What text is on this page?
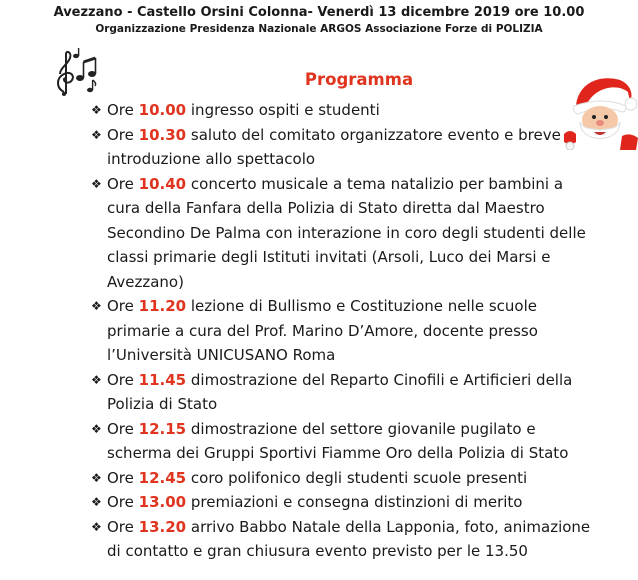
Avezzano - Castello Orsini Colonna- Venerdì 13 dicembre 2019 ore 10.00
Organizzazione Presidenza Nazionale ARGOS Associazione Forze di POLIZIA
Programma
❖ Ore 10.00 ingresso ospiti e studenti
❖ Ore 10.30 saluto del comitato organizzatore evento e breve introduzione allo spettacolo
❖ Ore 10.40 concerto musicale a tema natalizio per bambini a cura della Fanfara della Polizia di Stato diretta dal Maestro Secondino De Palma con interazione in coro degli studenti delle classi primarie degli Istituti invitati (Arsoli, Luco dei Marsi e Avezzano)
❖ Ore 11.20 lezione di Bullismo e Costituzione nelle scuole primarie a cura del Prof. Marino D’Amore, docente presso l’Università UNICUSANO Roma
❖ Ore 11.45 dimostrazione del Reparto Cinofili e Artificieri della Polizia di Stato
❖ Ore 12.15 dimostrazione del settore giovanile pugilato e scherma dei Gruppi Sportivi Fiamme Oro della Polizia di Stato
❖ Ore 12.45 coro polifonico degli studenti scuole presenti
❖ Ore 13.00 premiazioni e consegna distinzioni di merito
❖ Ore 13.20 arrivo Babbo Natale della Lapponia, foto, animazione di contatto e gran chiusura evento previsto per le 13.50
